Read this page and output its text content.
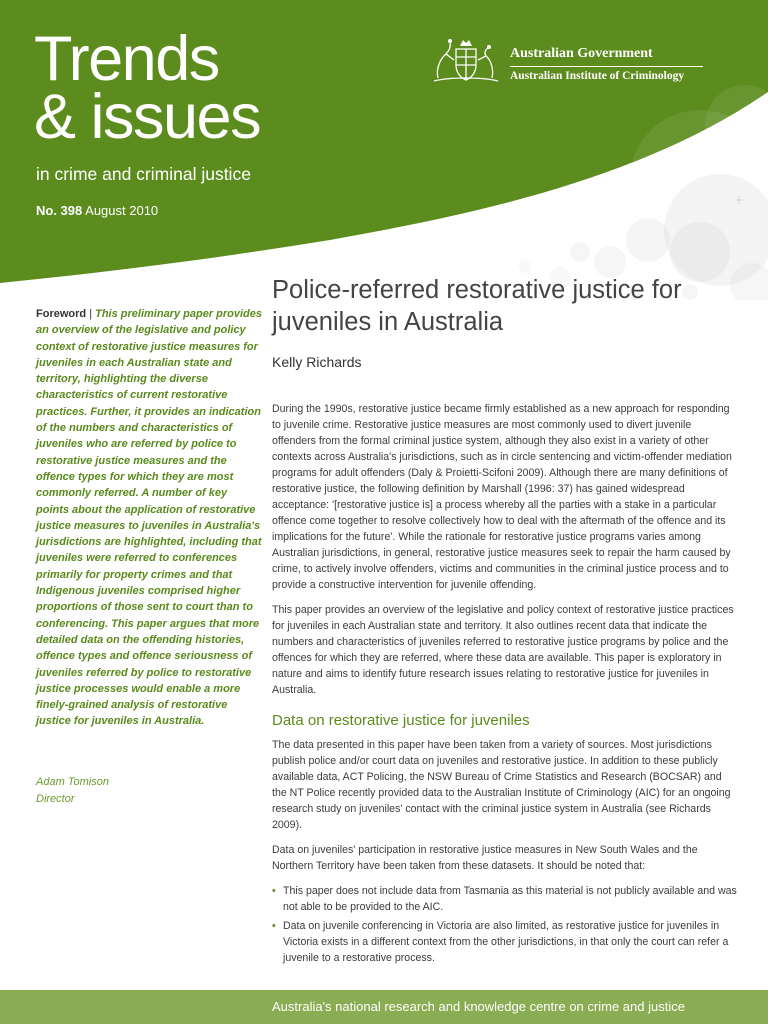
Trends
& issues
in crime and criminal justice
No. 398 August 2010
Australian Government
Australian Institute of Criminology
Foreword | This preliminary paper provides an overview of the legislative and policy context of restorative justice measures for juveniles in each Australian state and territory, highlighting the diverse characteristics of current restorative practices. Further, it provides an indication of the numbers and characteristics of juveniles who are referred by police to restorative justice measures and the offence types for which they are most commonly referred. A number of key points about the application of restorative justice measures to juveniles in Australia's jurisdictions are highlighted, including that juveniles were referred to conferences primarily for property crimes and that Indigenous juveniles comprised higher proportions of those sent to court than to conferencing. This paper argues that more detailed data on the offending histories, offence types and offence seriousness of juveniles referred by police to restorative justice processes would enable a more finely-grained analysis of restorative justice for juveniles in Australia.
Adam Tomison
Director
Police-referred restorative justice for juveniles in Australia
Kelly Richards

During the 1990s, restorative justice became firmly established as a new approach for responding to juvenile crime. Restorative justice measures are most commonly used to divert juvenile offenders from the formal criminal justice system, although they also exist in a variety of other contexts across Australia's jurisdictions, such as in circle sentencing and victim-offender mediation programs for adult offenders (Daly & Proietti-Scifoni 2009). Although there are many definitions of restorative justice, the following definition by Marshall (1996: 37) has gained widespread acceptance: '[restorative justice is] a process whereby all the parties with a stake in a particular offence come together to resolve collectively how to deal with the aftermath of the offence and its implications for the future'. While the rationale for restorative justice programs varies among Australian jurisdictions, in general, restorative justice measures seek to repair the harm caused by crime, to actively involve offenders, victims and communities in the criminal justice process and to provide a constructive intervention for juvenile offending.

This paper provides an overview of the legislative and policy context of restorative justice practices for juveniles in each Australian state and territory. It also outlines recent data that indicate the numbers and characteristics of juveniles referred to restorative justice programs by police and the offences for which they are referred, where these data are available. This paper is exploratory in nature and aims to identify future research issues relating to restorative justice for juveniles in Australia.

Data on restorative justice for juveniles

The data presented in this paper have been taken from a variety of sources. Most jurisdictions publish police and/or court data on juveniles and restorative justice. In addition to these publicly available data, ACT Policing, the NSW Bureau of Crime Statistics and Research (BOCSAR) and the NT Police recently provided data to the Australian Institute of Criminology (AIC) for an ongoing research study on juveniles' contact with the criminal justice system in Australia (see Richards 2009).

Data on juveniles' participation in restorative justice measures in New South Wales and the Northern Territory have been taken from these datasets. It should be noted that:

• This paper does not include data from Tasmania as this material is not publicly available and was not able to be provided to the AIC.
• Data on juvenile conferencing in Victoria are also limited, as restorative justice for juveniles in Victoria exists in a different context from the other jurisdictions, in that only the court can refer a juvenile to a restorative process.
Australia's national research and knowledge centre on crime and justice
